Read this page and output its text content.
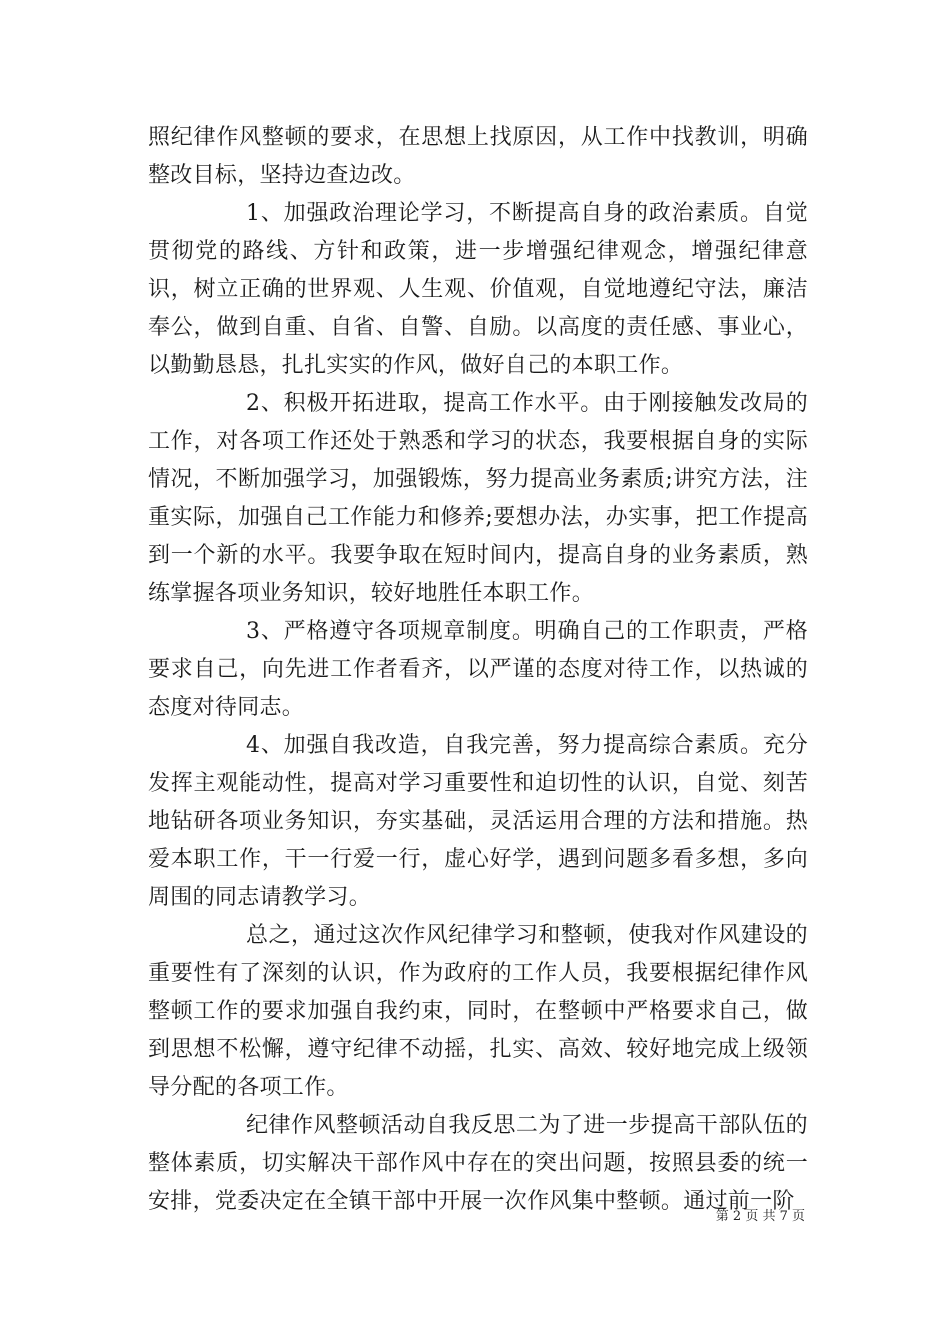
照纪律作风整顿的要求，在思想上找原因，从工作中找教训，明确整改目标，坚持边查边改。

1、加强政治理论学习，不断提高自身的政治素质。自觉贯彻党的路线、方针和政策，进一步增强纪律观念，增强纪律意识，树立正确的世界观、人生观、价值观，自觉地遵纪守法，廉洁奉公，做到自重、自省、自警、自励。以高度的责任感、事业心，以勤勤恳恳，扎扎实实的作风，做好自己的本职工作。

2、积极开拓进取，提高工作水平。由于刚接触发改局的工作，对各项工作还处于熟悉和学习的状态，我要根据自身的实际情况，不断加强学习，加强锻炼，努力提高业务素质;讲究方法，注重实际，加强自己工作能力和修养;要想办法，办实事，把工作提高到一个新的水平。我要争取在短时间内，提高自身的业务素质，熟练掌握各项业务知识，较好地胜任本职工作。

3、严格遵守各项规章制度。明确自己的工作职责，严格要求自己，向先进工作者看齐，以严谨的态度对待工作，以热诚的态度对待同志。

4、加强自我改造，自我完善，努力提高综合素质。充分发挥主观能动性，提高对学习重要性和迫切性的认识，自觉、刻苦地钻研各项业务知识，夯实基础，灵活运用合理的方法和措施。热爱本职工作，干一行爱一行，虚心好学，遇到问题多看多想，多向周围的同志请教学习。

总之，通过这次作风纪律学习和整顿，使我对作风建设的重要性有了深刻的认识，作为政府的工作人员，我要根据纪律作风整顿工作的要求加强自我约束，同时，在整顿中严格要求自己，做到思想不松懈，遵守纪律不动摇，扎实、高效、较好地完成上级领导分配的各项工作。

纪律作风整顿活动自我反思二为了进一步提高干部队伍的整体素质，切实解决干部作风中存在的突出问题，按照县委的统一安排，党委决定在全镇干部中开展一次作风集中整顿。通过前一阶

第 2 页 共 7 页
